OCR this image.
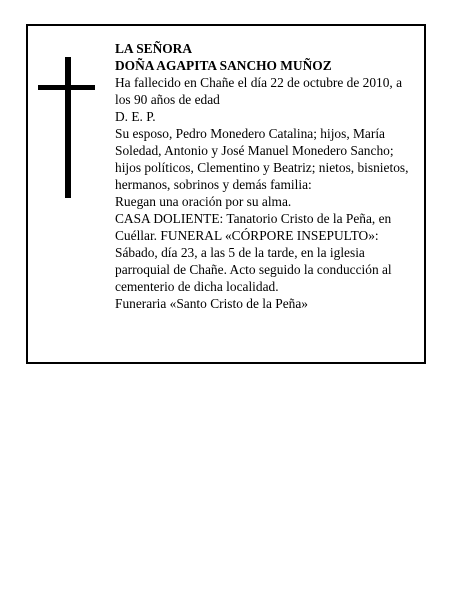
LA SEÑORA

DOÑA AGAPITA SANCHO MUÑOZ

Ha fallecido en Chañe el día 22 de octubre de 2010, a los 90 años de edad

D. E. P.

Su esposo, Pedro Monedero Catalina; hijos, María Soledad, Antonio y José Manuel Monedero Sancho; hijos políticos, Clementino y Beatriz; nietos, bisnietos, hermanos, sobrinos y demás familia:

Ruegan una oración por su alma.

CASA DOLIENTE: Tanatorio Cristo de la Peña, en Cuéllar. FUNERAL «CÓRPORE INSEPULTO»: Sábado, día 23, a las 5 de la tarde, en la iglesia parroquial de Chañe. Acto seguido la conducción al cementerio de dicha localidad.

Funeraria «Santo Cristo de la Peña»
